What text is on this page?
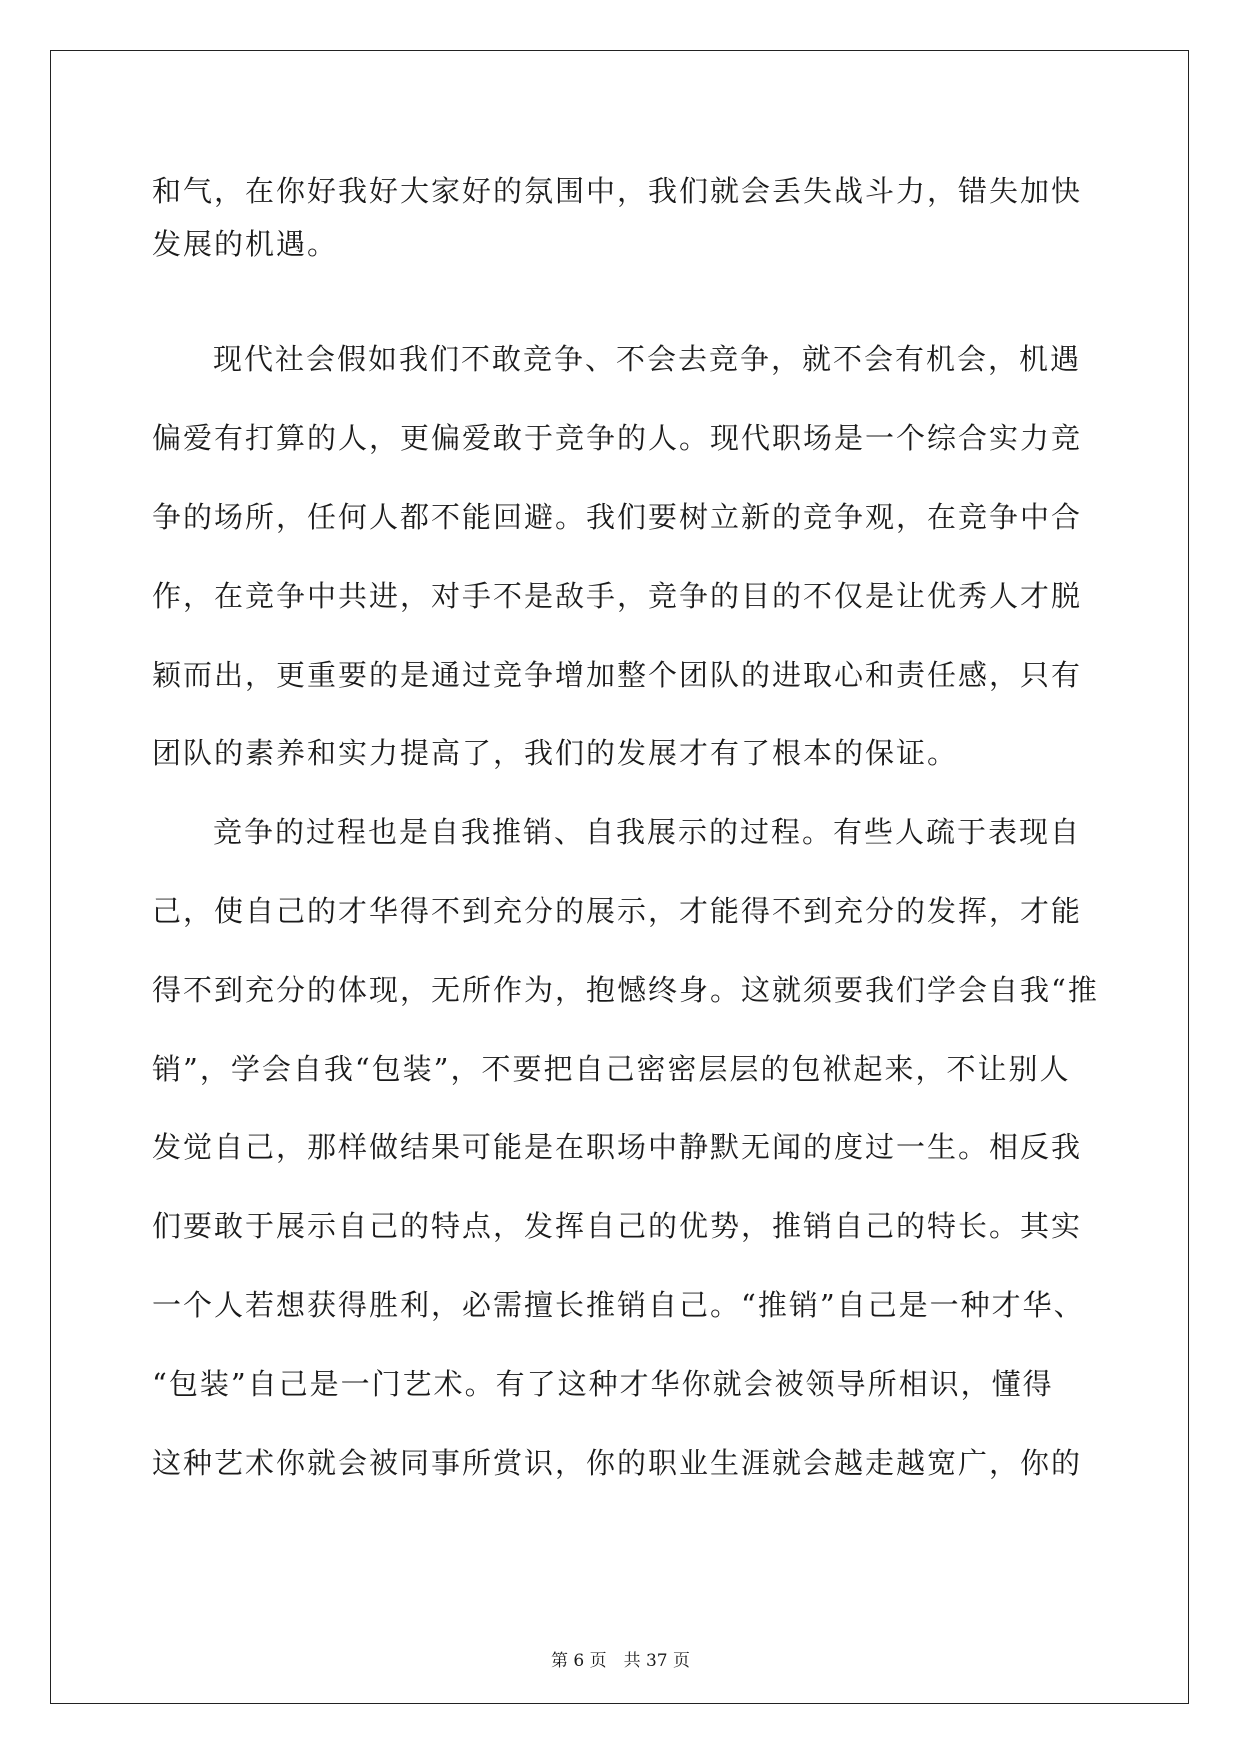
和气，在你好我好大家好的氛围中，我们就会丢失战斗力，错失加快
发展的机遇。
现代社会假如我们不敢竞争、不会去竞争，就不会有机会，机遇
偏爱有打算的人，更偏爱敢于竞争的人。现代职场是一个综合实力竞
争的场所，任何人都不能回避。我们要树立新的竞争观，在竞争中合
作，在竞争中共进，对手不是敌手，竞争的目的不仅是让优秀人才脱
颖而出，更重要的是通过竞争增加整个团队的进取心和责任感，只有
团队的素养和实力提高了，我们的发展才有了根本的保证。
竞争的过程也是自我推销、自我展示的过程。有些人疏于表现自
己，使自己的才华得不到充分的展示，才能得不到充分的发挥，才能
得不到充分的体现，无所作为，抱憾终身。这就须要我们学会自我“推
销”，学会自我“包装”，不要把自己密密层层的包袱起来，不让别人
发觉自己，那样做结果可能是在职场中静默无闻的度过一生。相反我
们要敢于展示自己的特点，发挥自己的优势，推销自己的特长。其实
一个人若想获得胜利，必需擅长推销自己。“推销”自己是一种才华、
“包装”自己是一门艺术。有了这种才华你就会被领导所相识，懂得
这种艺术你就会被同事所赏识，你的职业生涯就会越走越宽广，你的
第 6 页　共 37 页
